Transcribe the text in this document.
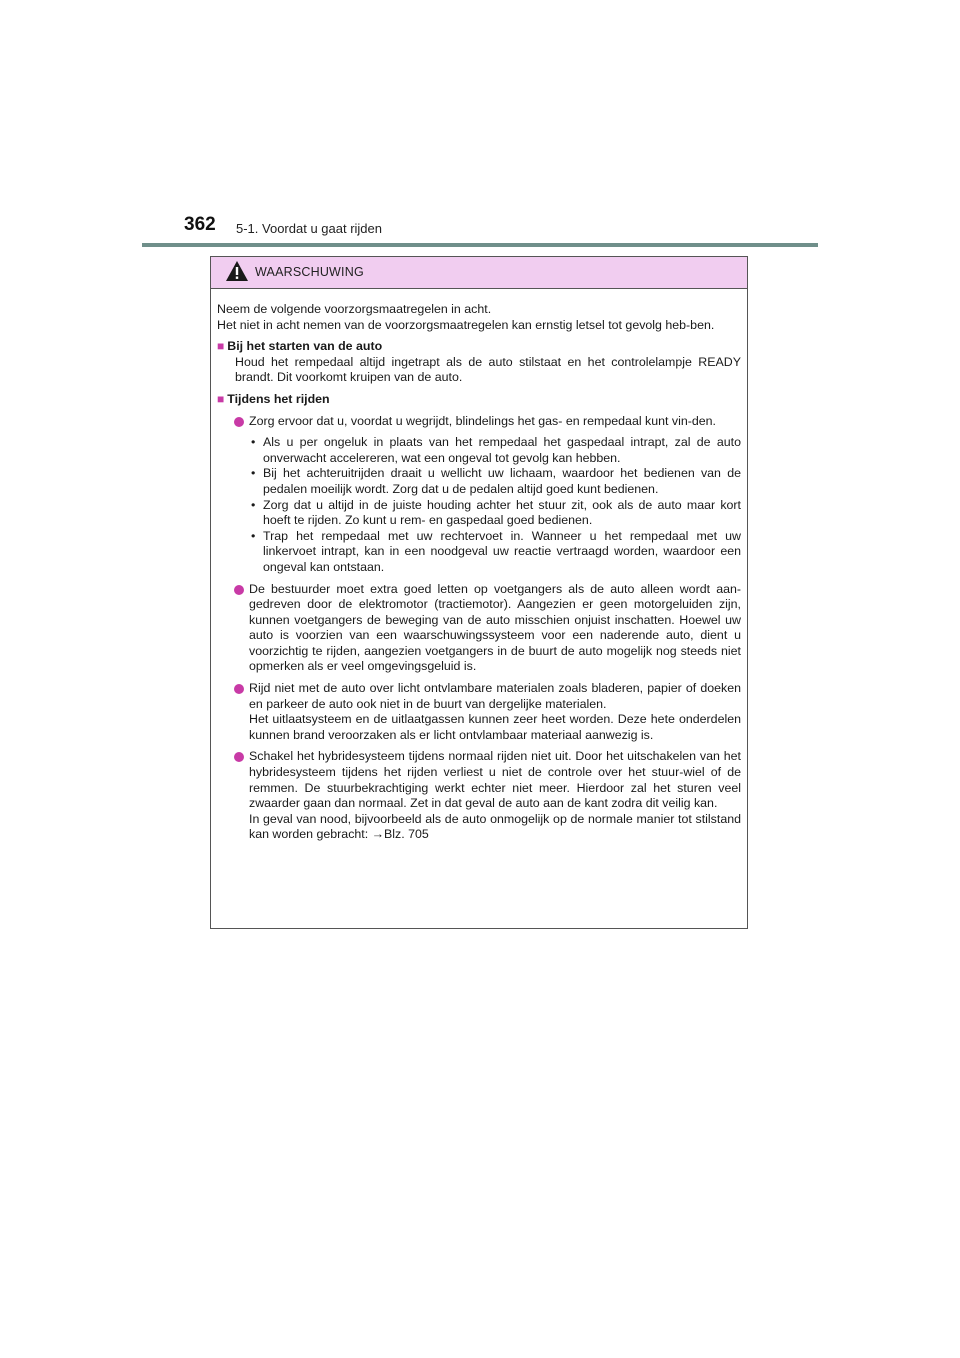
362 5-1. Voordat u gaat rijden
WAARSCHUWING

Neem de volgende voorzorgsmaatregelen in acht.

Het niet in acht nemen van de voorzorgsmaatregelen kan ernstig letsel tot gevolg heb-ben.

■ Bij het starten van de auto

Houd het rempedaal altijd ingetrapt als de auto stilstaat en het controlelampje READY brandt. Dit voorkomt kruipen van de auto.

■ Tijdens het rijden
Zorg ervoor dat u, voordat u wegrijdt, blindelings het gas- en rempedaal kunt vin-den.
• Als u per ongeluk in plaats van het rempedaal het gaspedaal intrapt, zal de auto onverwacht accelereren, wat een ongeval tot gevolg kan hebben.
• Bij het achteruitrijden draait u wellicht uw lichaam, waardoor het bedienen van de pedalen moeilijk wordt. Zorg dat u de pedalen altijd goed kunt bedienen.
• Zorg dat u altijd in de juiste houding achter het stuur zit, ook als de auto maar kort hoeft te rijden. Zo kunt u rem- en gaspedaal goed bedienen.
• Trap het rempedaal met uw rechtervoet in. Wanneer u het rempedaal met uw linkervoet intrapt, kan in een noodgeval uw reactie vertraagd worden, waardoor een ongeval kan ontstaan.
De bestuurder moet extra goed letten op voetgangers als de auto alleen wordt aan-gedreven door de elektromotor (tractiemotor). Aangezien er geen motorgeluiden zijn, kunnen voetgangers de beweging van de auto misschien onjuist inschatten. Hoewel uw auto is voorzien van een waarschuwingssysteem voor een naderende auto, dient u voorzichtig te rijden, aangezien voetgangers in de buurt de auto mogelijk nog steeds niet opmerken als er veel omgevingsgeluid is.
Rijd niet met de auto over licht ontvlambare materialen zoals bladeren, papier of doeken en parkeer de auto ook niet in de buurt van dergelijke materialen.
Het uitlaatsysteem en de uitlaatgassen kunnen zeer heet worden. Deze hete onderdelen kunnen brand veroorzaken als er licht ontvlambaar materiaal aanwezig is.
Schakel het hybridesysteem tijdens normaal rijden niet uit. Door het uitschakelen van het hybridesysteem tijdens het rijden verliest u niet de controle over het stuur-wiel of de remmen. De stuurbekrachtiging werkt echter niet meer. Hierdoor zal het sturen veel zwaarder gaan dan normaal. Zet in dat geval de auto aan de kant zodra dit veilig kan.
In geval van nood, bijvoorbeeld als de auto onmogelijk op de normale manier tot stilstand kan worden gebracht: →Blz. 705
